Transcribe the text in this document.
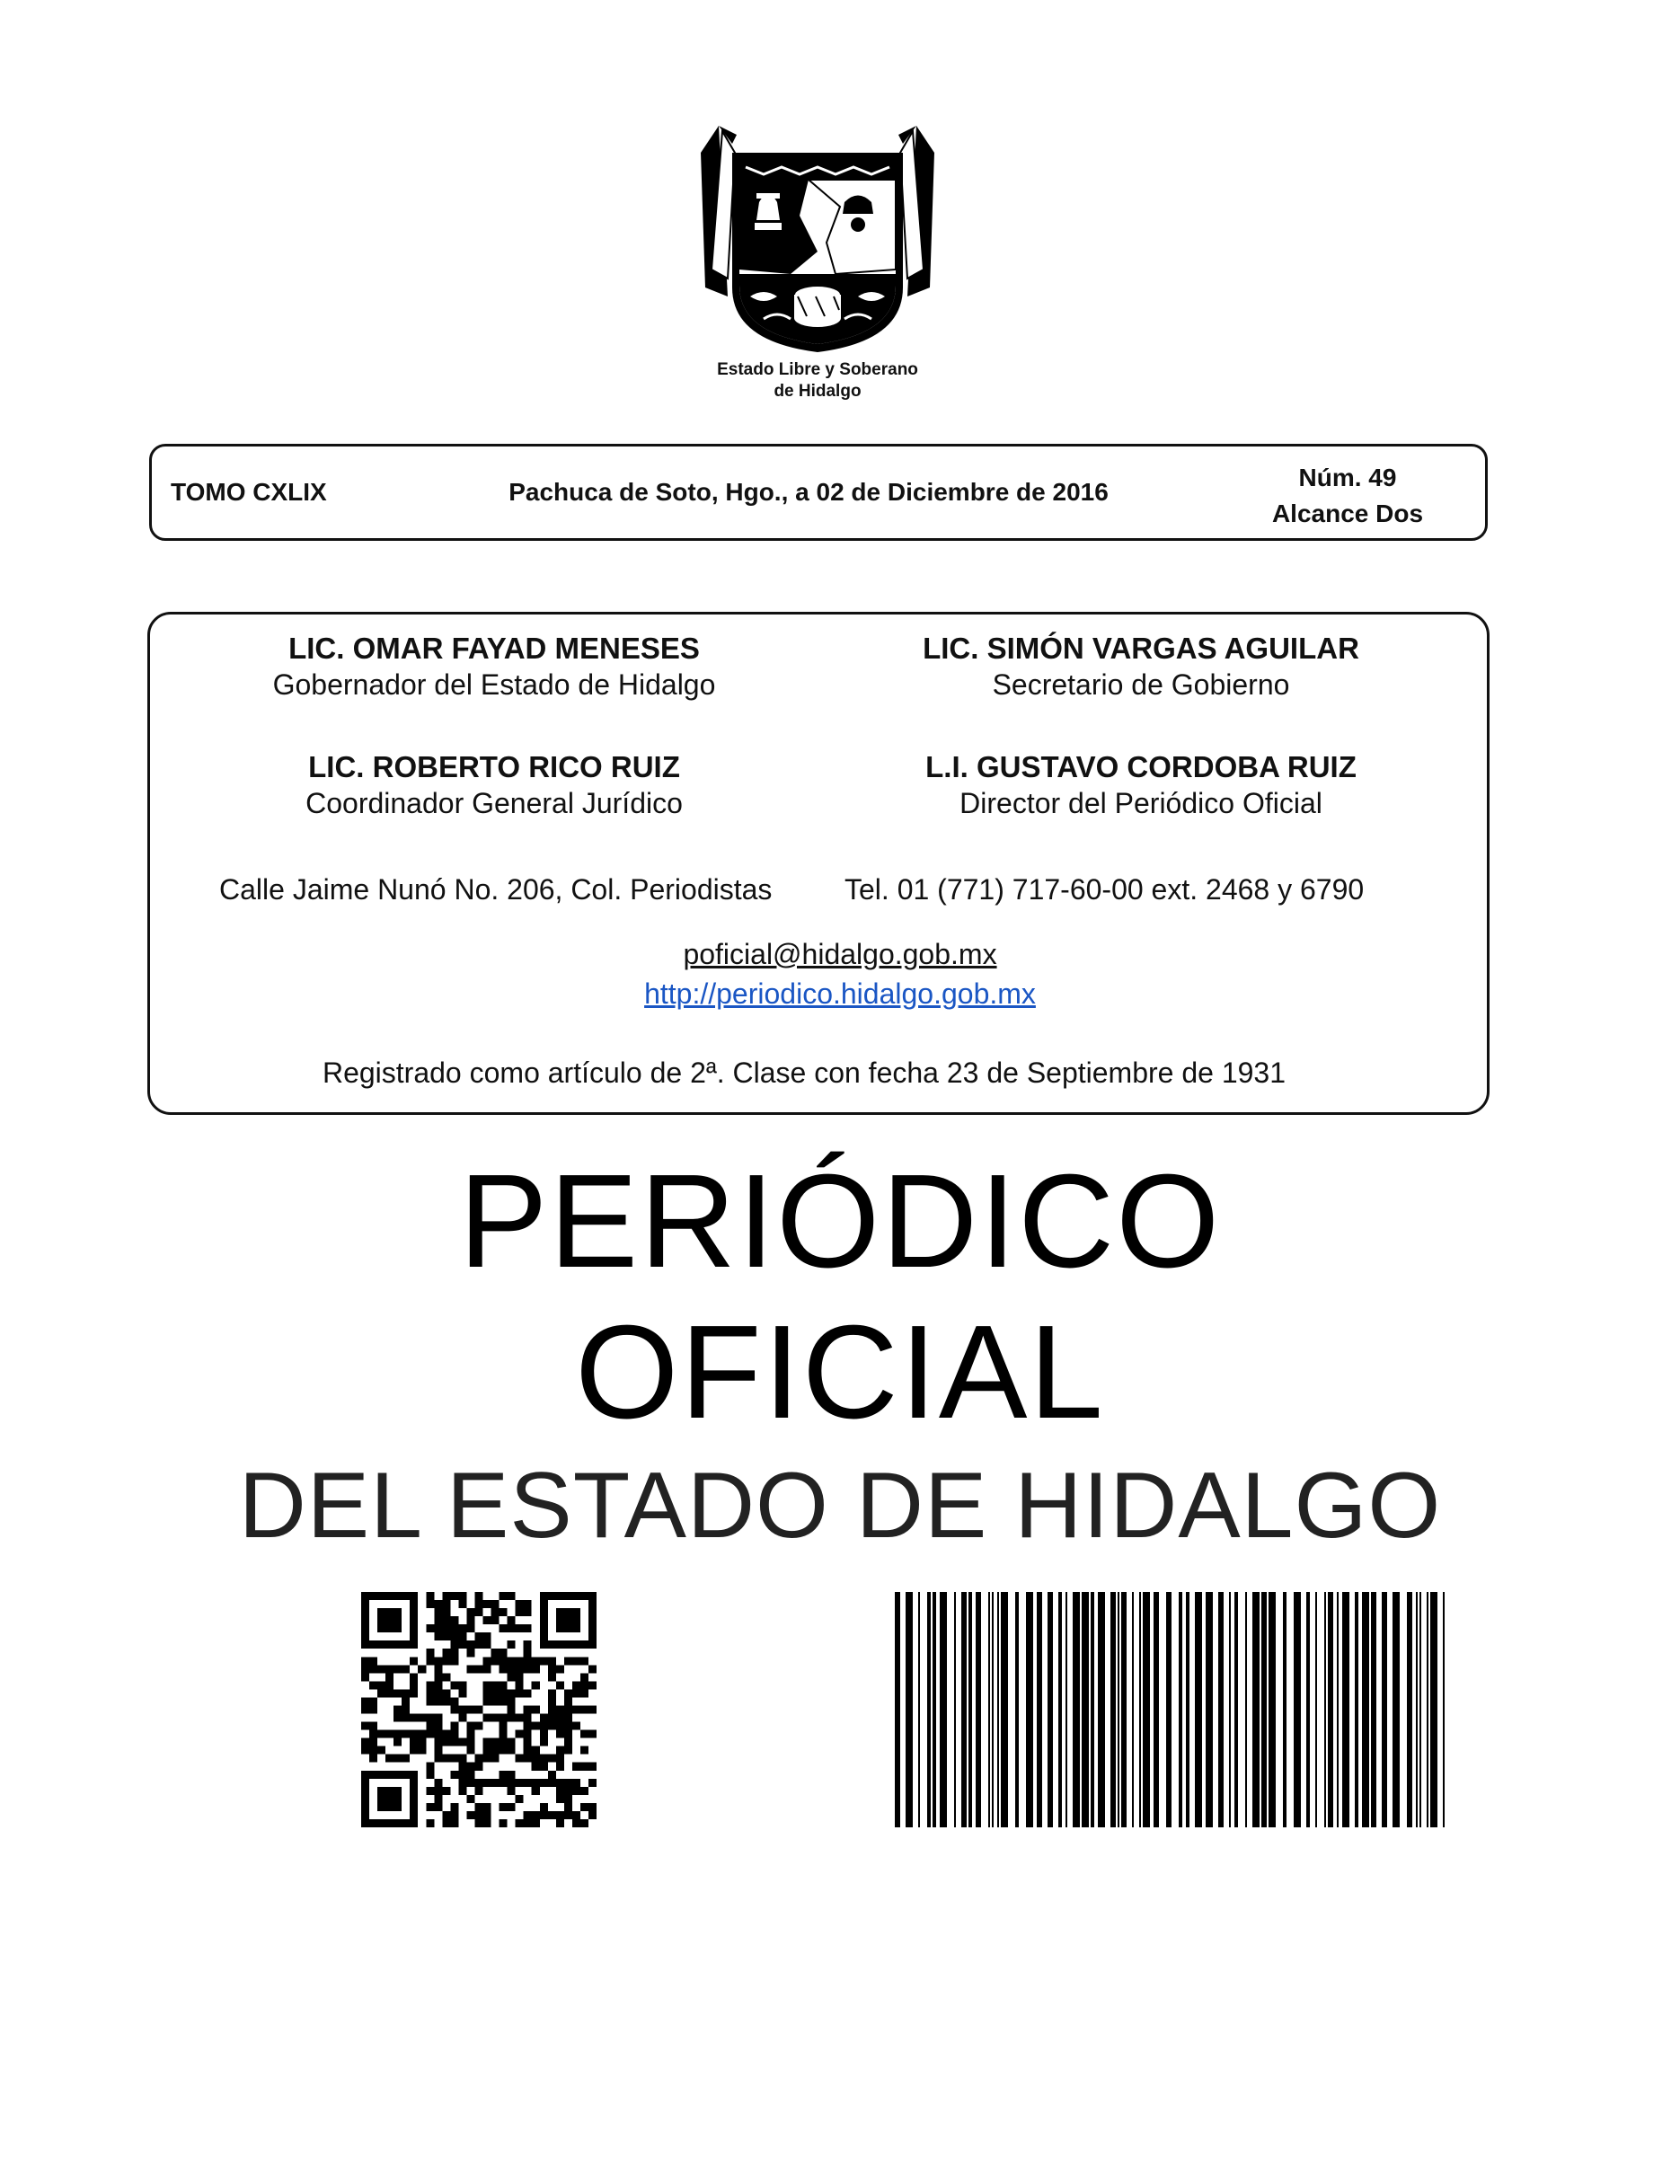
Estado Libre y Soberano
de Hidalgo
TOMO CXLIX	Pachuca de Soto, Hgo., a 02 de Diciembre de 2016
Núm. 49
Alcance Dos
LIC. OMAR FAYAD MENESES
Gobernador del Estado de Hidalgo
LIC. SIMÓN VARGAS AGUILAR
Secretario de Gobierno
LIC. ROBERTO RICO RUIZ
Coordinador General Jurídico
L.I. GUSTAVO CORDOBA RUIZ
Director del Periódico Oficial
Calle Jaime Nunó No. 206, Col. Periodistas	Tel. 01 (771) 717-60-00 ext. 2468 y 6790
poficial@hidalgo.gob.mx
http://periodico.hidalgo.gob.mx
Registrado como artículo de 2ª. Clase con fecha 23 de Septiembre de 1931
PERIÓDICO
OFICIAL
DEL ESTADO DE HIDALGO
